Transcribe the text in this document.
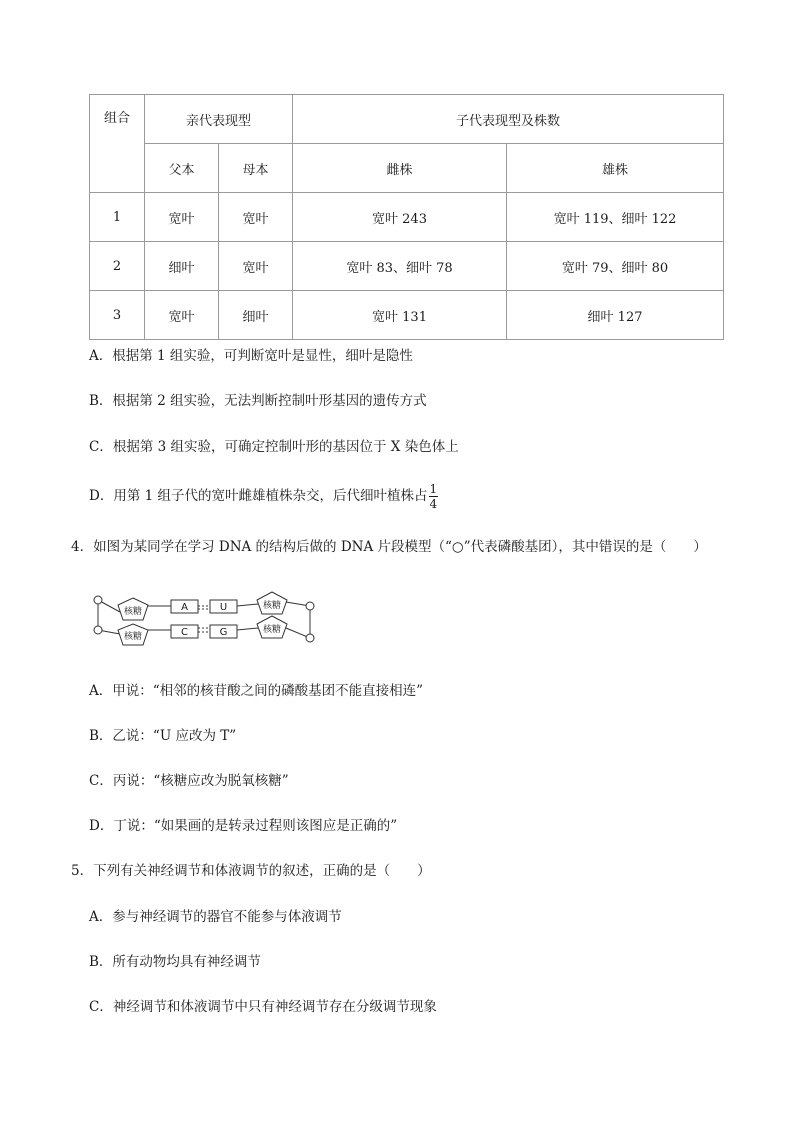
组合	亲代表现型		子代表现型及株数	
	父本	母本	雌株	雄株
1	宽叶	宽叶	宽叶 243	宽叶 119、细叶 122
2	细叶	宽叶	宽叶 83、细叶 78	宽叶 79、细叶 80
3	宽叶	细叶	宽叶 131	细叶 127
A．根据第 1 组实验，可判断宽叶是显性，细叶是隐性
B．根据第 2 组实验，无法判断控制叶形基因的遗传方式
C．根据第 3 组实验，可确定控制叶形的基因位于 X 染色体上
D．用第 1 组子代的宽叶雌雄植株杂交，后代细叶植株占 $\frac{1}{4}$
4．如图为某同学在学习 DNA 的结构后做的 DNA 片段模型（“○”代表磷酸基团），其中错误的是（　　）
核糖
核糖
核糖
核糖
A	U
C	G
A．甲说：“相邻的核苷酸之间的磷酸基团不能直接相连”
B．乙说：“U 应改为 T”
C．丙说：“核糖应改为脱氧核糖”
D．丁说：“如果画的是转录过程则该图应是正确的”
5．下列有关神经调节和体液调节的叙述，正确的是（　　）
A．参与神经调节的器官不能参与体液调节
B．所有动物均具有神经调节
C．神经调节和体液调节中只有神经调节存在分级调节现象
